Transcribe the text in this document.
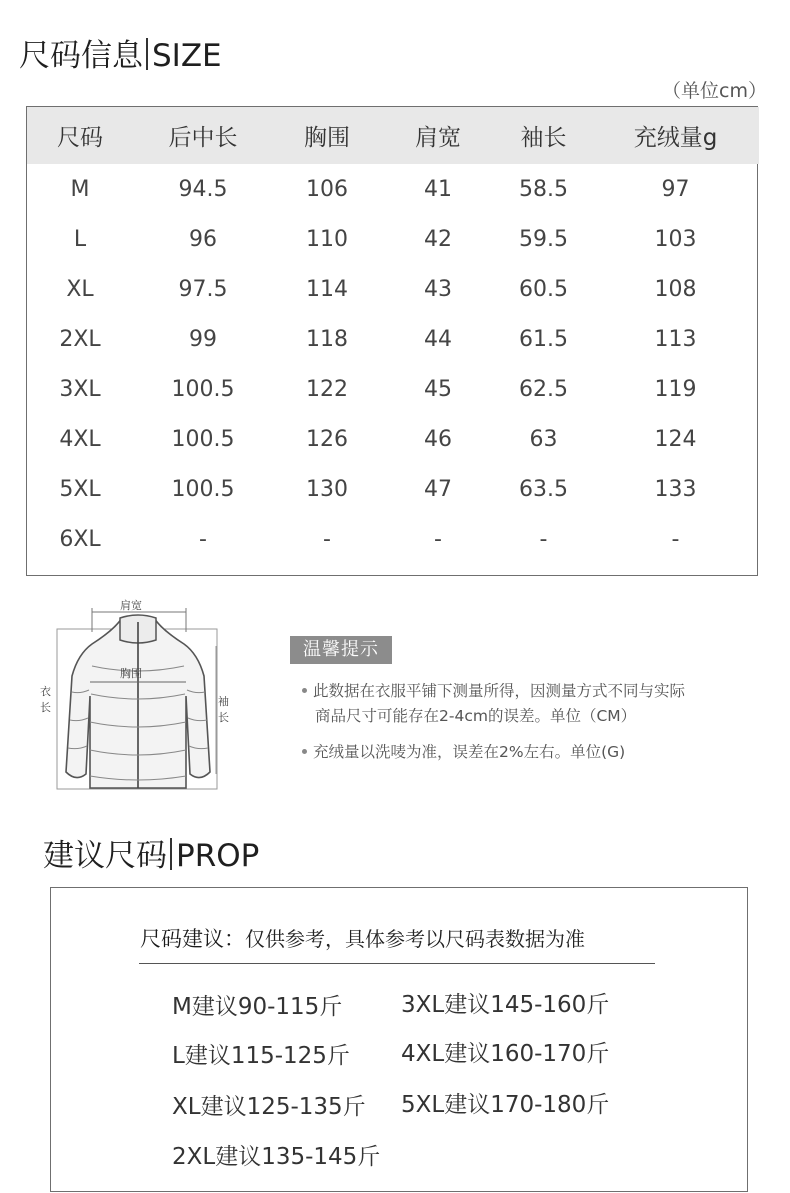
尺码信息 SIZE
（单位cm）
尺码	后中长	胸围	肩宽	袖长	充绒量g
M	94.5	106	41	58.5	97
L	96	110	42	59.5	103
XL	97.5	114	43	60.5	108
2XL	99	118	44	61.5	113
3XL	100.5	122	45	62.5	119
4XL	100.5	126	46	63	124
5XL	100.5	130	47	63.5	133
6XL	-	-	-	-	-
肩宽
胸围
衣
长	袖
长
温馨提示
此数据在衣服平铺下测量所得，因测量方式不同与实际
商品尺寸可能存在2-4cm的误差。单位（CM）
充绒量以洗唛为准，误差在2%左右。单位(G)
建议尺码 PROP
尺码建议：仅供参考，具体参考以尺码表数据为准
M建议90-115斤
L建议115-125斤
XL建议125-135斤
2XL建议135-145斤
3XL建议145-160斤
4XL建议160-170斤
5XL建议170-180斤
